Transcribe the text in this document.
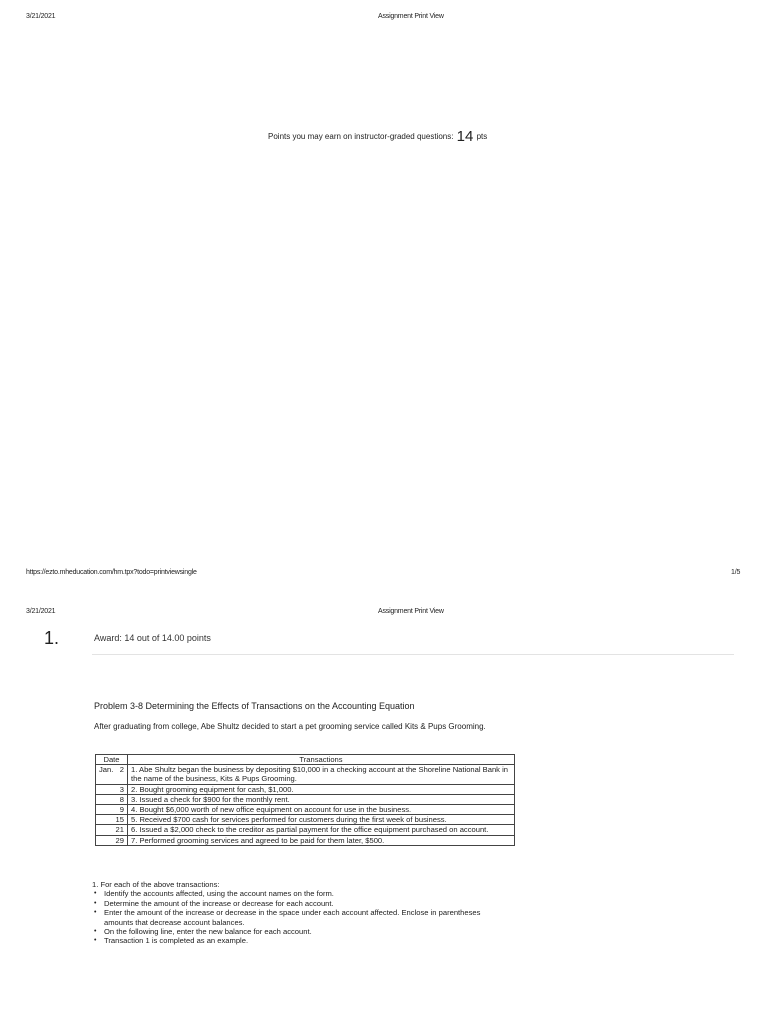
3/21/2021	Assignment Print View
Points you may earn on instructor-graded questions: 14 pts
https://ezto.mheducation.com/hm.tpx?todo=printviewsingle	1/5
3/21/2021	Assignment Print View
1.	Award: 14 out of 14.00 points
Problem 3-8 Determining the Effects of Transactions on the Accounting Equation
After graduating from college, Abe Shultz decided to start a pet grooming service called Kits & Pups Grooming.
Date	Transactions

Jan. 2	1. Abe Shultz began the business by depositing $10,000 in a checking account at the Shoreline National Bank in the name of the business, Kits & Pups Grooming.

3	2. Bought grooming equipment for cash, $1,000.

8	3. Issued a check for $900 for the monthly rent.

9	4. Bought $6,000 worth of new office equipment on account for use in the business.

15	5. Received $700 cash for services performed for customers during the first week of business.

21	6. Issued a $2,000 check to the creditor as partial payment for the office equipment purchased on account.

29	7. Performed grooming services and agreed to be paid for them later, $500.
1. For each of the above transactions:
• Identify the accounts affected, using the account names on the form.
• Determine the amount of the increase or decrease for each account.
• Enter the amount of the increase or decrease in the space under each account affected. Enclose in parentheses amounts that decrease account balances.
• On the following line, enter the new balance for each account.
• Transaction 1 is completed as an example.
